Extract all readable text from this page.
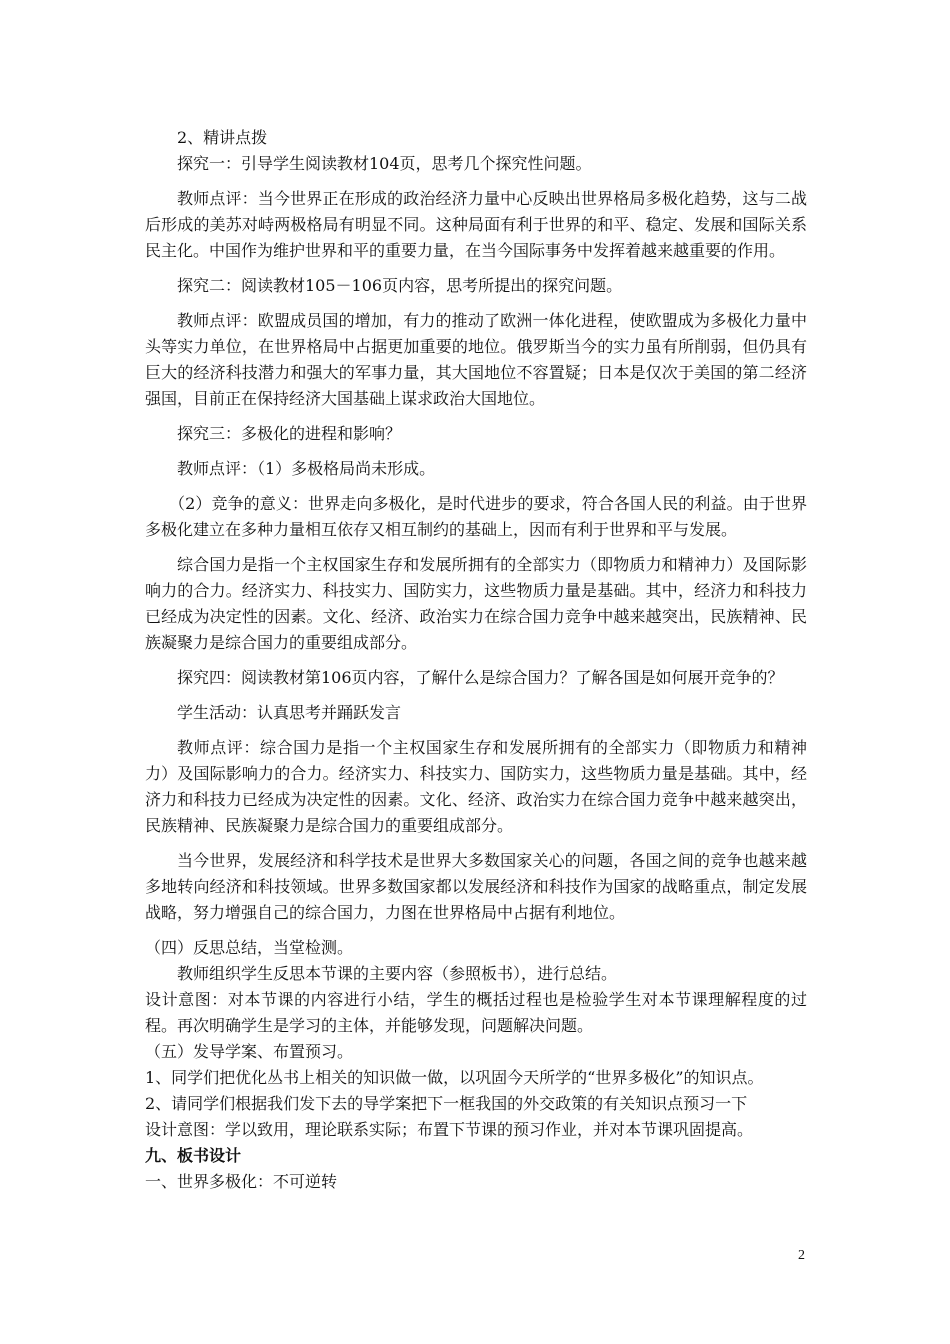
2、精讲点拨

探究一：引导学生阅读教材104页，思考几个探究性问题。

教师点评：当今世界正在形成的政治经济力量中心反映出世界格局多极化趋势，这与二战后形成的美苏对峙两极格局有明显不同。这种局面有利于世界的和平、稳定、发展和国际关系民主化。中国作为维护世界和平的重要力量，在当今国际事务中发挥着越来越重要的作用。

探究二：阅读教材105－106页内容，思考所提出的探究问题。

教师点评：欧盟成员国的增加，有力的推动了欧洲一体化进程，使欧盟成为多极化力量中头等实力单位，在世界格局中占据更加重要的地位。俄罗斯当今的实力虽有所削弱，但仍具有巨大的经济科技潜力和强大的军事力量，其大国地位不容置疑；日本是仅次于美国的第二经济强国，目前正在保持经济大国基础上谋求政治大国地位。

探究三：多极化的进程和影响？

教师点评：（1）多极格局尚未形成。

（2）竞争的意义：世界走向多极化，是时代进步的要求，符合各国人民的利益。由于世界多极化建立在多种力量相互依存又相互制约的基础上，因而有利于世界和平与发展。

综合国力是指一个主权国家生存和发展所拥有的全部实力（即物质力和精神力）及国际影响力的合力。经济实力、科技实力、国防实力，这些物质力量是基础。其中，经济力和科技力已经成为决定性的因素。文化、经济、政治实力在综合国力竞争中越来越突出，民族精神、民族凝聚力是综合国力的重要组成部分。

探究四：阅读教材第106页内容，了解什么是综合国力？了解各国是如何展开竞争的？

学生活动：认真思考并踊跃发言

教师点评：综合国力是指一个主权国家生存和发展所拥有的全部实力（即物质力和精神力）及国际影响力的合力。经济实力、科技实力、国防实力，这些物质力量是基础。其中，经济力和科技力已经成为决定性的因素。文化、经济、政治实力在综合国力竞争中越来越突出，民族精神、民族凝聚力是综合国力的重要组成部分。

当今世界，发展经济和科学技术是世界大多数国家关心的问题，各国之间的竞争也越来越多地转向经济和科技领域。世界多数国家都以发展经济和科技作为国家的战略重点，制定发展战略，努力增强自己的综合国力，力图在世界格局中占据有利地位。

（四）反思总结，当堂检测。

教师组织学生反思本节课的主要内容（参照板书），进行总结。

设计意图：对本节课的内容进行小结，学生的概括过程也是检验学生对本节课理解程度的过程。再次明确学生是学习的主体，并能够发现，问题解决问题。

（五）发导学案、布置预习。

1、同学们把优化丛书上相关的知识做一做，以巩固今天所学的“世界多极化”的知识点。

2、请同学们根据我们发下去的导学案把下一框我国的外交政策的有关知识点预习一下

设计意图：学以致用，理论联系实际；布置下节课的预习作业，并对本节课巩固提高。

九、板书设计

一、世界多极化：不可逆转

2
